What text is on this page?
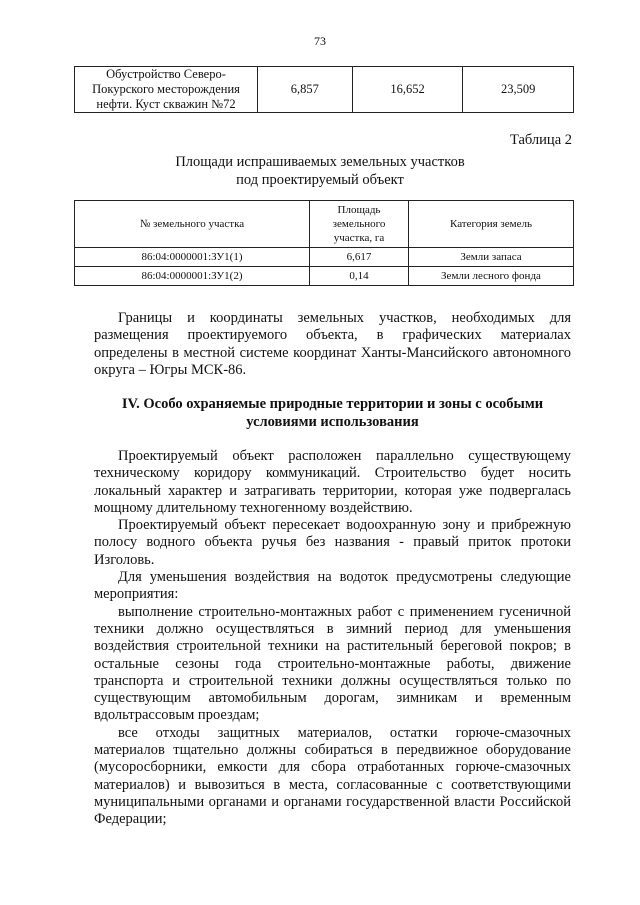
73
Обустройство Северо-Покурского месторождения нефти. Куст скважин №72	6,857	16,652	23,509
Таблица 2
Площади испрашиваемых земельных участков
под проектируемый объект
№ земельного участка	Площадь земельного участка, га	Категория земель
86:04:0000001:ЗУ1(1)	6,617	Земли запаса
86:04:0000001:ЗУ1(2)	0,14	Земли лесного фонда

Границы и координаты земельных участков, необходимых для размещения проектируемого объекта, в графических материалах определены в местной системе координат Ханты-Мансийского автономного округа – Югры МСК-86.

IV. Особо охраняемые природные территории и зоны с особыми условиями использования

Проектируемый объект расположен параллельно существующему техническому коридору коммуникаций. Строительство будет носить локальный характер и затрагивать территории, которая уже подвергалась мощному длительному техногенному воздействию.

Проектируемый объект пересекает водоохранную зону и прибрежную полосу водного объекта ручья без названия - правый приток протоки Изголовь.

Для уменьшения воздействия на водоток предусмотрены следующие мероприятия:

выполнение строительно-монтажных работ с применением гусеничной техники должно осуществляться в зимний период для уменьшения воздействия строительной техники на растительный береговой покров; в остальные сезоны года строительно-монтажные работы, движение транспорта и строительной техники должны осуществляться только по существующим автомобильным дорогам, зимникам и временным вдольтрассовым проездам;

все отходы защитных материалов, остатки горюче-смазочных материалов тщательно должны собираться в передвижное оборудование (мусоросборники, емкости для сбора отработанных горюче-смазочных материалов) и вывозиться в места, согласованные с соответствующими муниципальными органами и органами государственной власти Российской Федерации;
